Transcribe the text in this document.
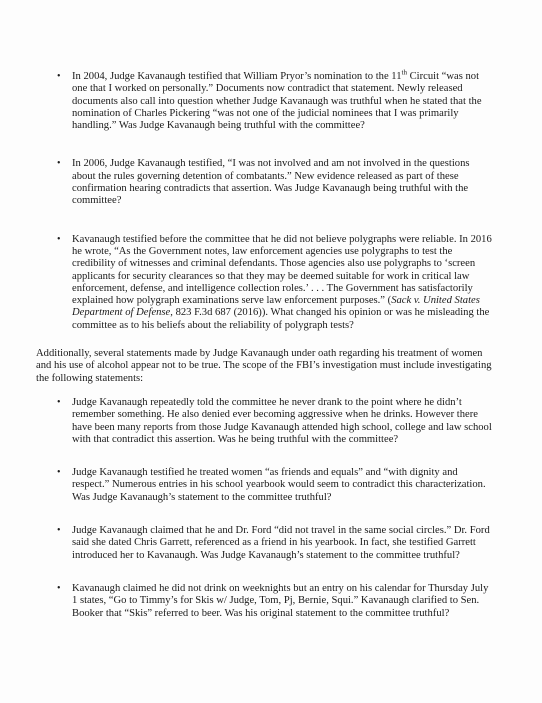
• In 2004, Judge Kavanaugh testified that William Pryor’s nomination to the 11th Circuit “was not one that I worked on personally.” Documents now contradict that statement. Newly released documents also call into question whether Judge Kavanaugh was truthful when he stated that the nomination of Charles Pickering “was not one of the judicial nominees that I was primarily handling.” Was Judge Kavanaugh being truthful with the committee?
• In 2006, Judge Kavanaugh testified, “I was not involved and am not involved in the questions about the rules governing detention of combatants.” New evidence released as part of these confirmation hearing contradicts that assertion. Was Judge Kavanaugh being truthful with the committee?
• Kavanaugh testified before the committee that he did not believe polygraphs were reliable. In 2016 he wrote, “As the Government notes, law enforcement agencies use polygraphs to test the credibility of witnesses and criminal defendants. Those agencies also use polygraphs to ‘screen applicants for security clearances so that they may be deemed suitable for work in critical law enforcement, defense, and intelligence collection roles.’ . . . The Government has satisfactorily explained how polygraph examinations serve law enforcement purposes.” (Sack v. United States Department of Defense, 823 F.3d 687 (2016)). What changed his opinion or was he misleading the committee as to his beliefs about the reliability of polygraph tests?

Additionally, several statements made by Judge Kavanaugh under oath regarding his treatment of women and his use of alcohol appear not to be true. The scope of the FBI’s investigation must include investigating the following statements:

• Judge Kavanaugh repeatedly told the committee he never drank to the point where he didn’t remember something. He also denied ever becoming aggressive when he drinks. However there have been many reports from those Judge Kavanaugh attended high school, college and law school with that contradict this assertion. Was he being truthful with the committee?
• Judge Kavanaugh testified he treated women “as friends and equals” and “with dignity and respect.” Numerous entries in his school yearbook would seem to contradict this characterization. Was Judge Kavanaugh’s statement to the committee truthful?
• Judge Kavanaugh claimed that he and Dr. Ford “did not travel in the same social circles.” Dr. Ford said she dated Chris Garrett, referenced as a friend in his yearbook. In fact, she testified Garrett introduced her to Kavanaugh. Was Judge Kavanaugh’s statement to the committee truthful?
• Kavanaugh claimed he did not drink on weeknights but an entry on his calendar for Thursday July 1 states, “Go to Timmy’s for Skis w/ Judge, Tom, Pj, Bernie, Squi.” Kavanaugh clarified to Sen. Booker that “Skis” referred to beer. Was his original statement to the committee truthful?
